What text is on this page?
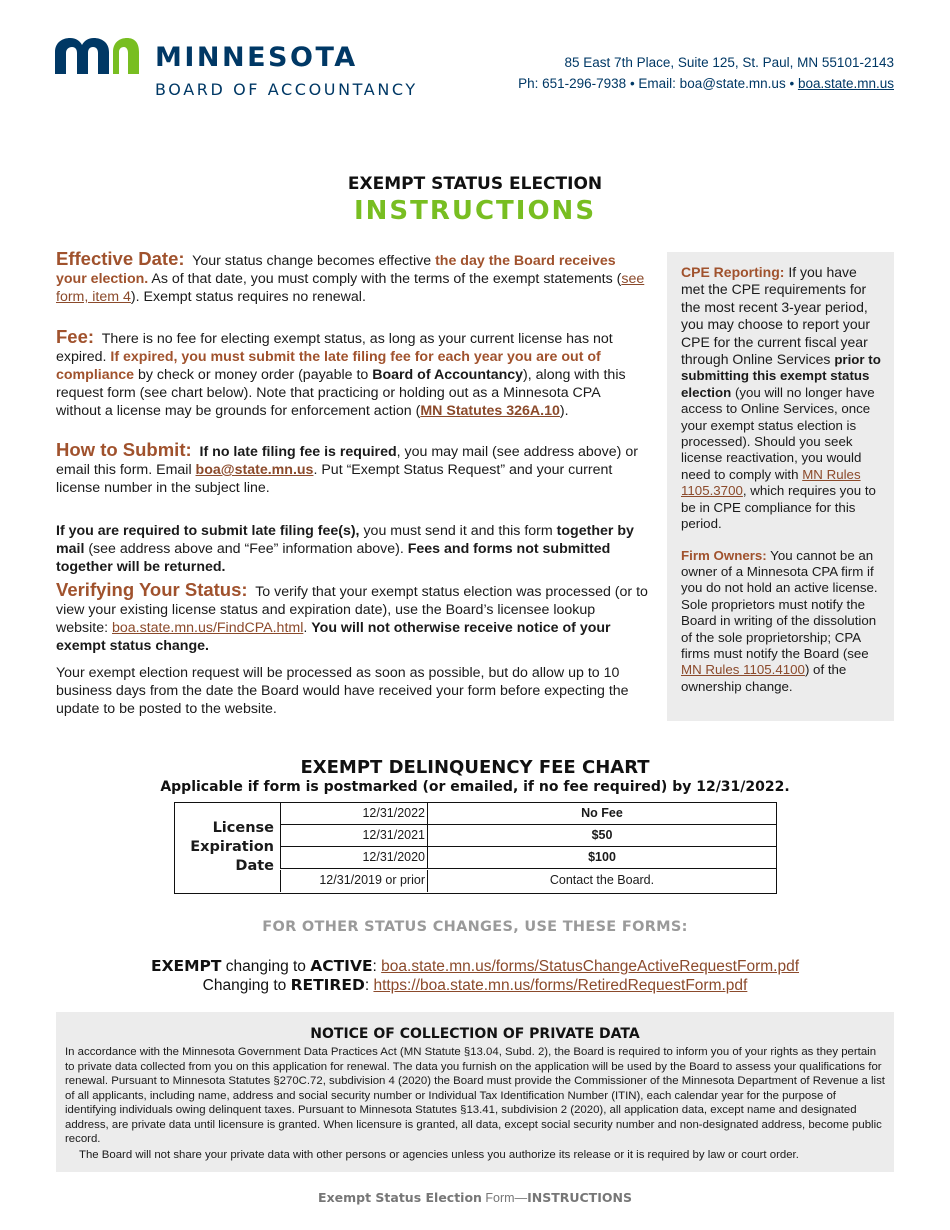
MINNESOTA
BOARD OF ACCOUNTANCY
85 East 7th Place, Suite 125, St. Paul, MN 55101-2143
Ph: 651-296-7938 • Email: boa@state.mn.us • boa.state.mn.us
EXEMPT STATUS ELECTION
INSTRUCTIONS
Effective Date: Your status change becomes effective the day the Board receives your election. As of that date, you must comply with the terms of the exempt statements (see form, item 4). Exempt status requires no renewal.
Fee: There is no fee for electing exempt status, as long as your current license has not expired. If expired, you must submit the late filing fee for each year you are out of compliance by check or money order (payable to Board of Accountancy), along with this request form (see chart below). Note that practicing or holding out as a Minnesota CPA without a license may be grounds for enforcement action (MN Statutes 326A.10).
How to Submit: If no late filing fee is required, you may mail (see address above) or email this form. Email boa@state.mn.us. Put “Exempt Status Request” and your current license number in the subject line.
If you are required to submit late filing fee(s), you must send it and this form together by mail (see address above and “Fee” information above). Fees and forms not submitted together will be returned.
Verifying Your Status: To verify that your exempt status election was processed (or to view your existing license status and expiration date), use the Board’s licensee lookup website: boa.state.mn.us/FindCPA.html. You will not otherwise receive notice of your exempt status change.
Your exempt election request will be processed as soon as possible, but do allow up to 10 business days from the date the Board would have received your form before expecting the update to be posted to the website.

CPE Reporting: If you have met the CPE requirements for the most recent 3-year period, you may choose to report your CPE for the current fiscal year through Online Services prior to submitting this exempt status election (you will no longer have access to Online Services, once your exempt status election is processed). Should you seek license reactivation, you would need to comply with MN Rules 1105.3700, which requires you to be in CPE compliance for this period.

Firm Owners: You cannot be an owner of a Minnesota CPA firm if you do not hold an active license. Sole proprietors must notify the Board in writing of the dissolution of the sole proprietorship; CPA firms must notify the Board (see MN Rules 1105.4100) of the ownership change.

EXEMPT DELINQUENCY FEE CHART
Applicable if form is postmarked (or emailed, if no fee required) by 12/31/2022.
License Expiration Date
12/31/2022	No Fee
12/31/2021	$50
12/31/2020	$100
12/31/2019 or prior	Contact the Board.
FOR OTHER STATUS CHANGES, USE THESE FORMS:
EXEMPT changing to ACTIVE: boa.state.mn.us/forms/StatusChangeActiveRequestForm.pdf
Changing to RETIRED: https://boa.state.mn.us/forms/RetiredRequestForm.pdf
NOTICE OF COLLECTION OF PRIVATE DATA
In accordance with the Minnesota Government Data Practices Act (MN Statute §13.04, Subd. 2), the Board is required to inform you of your rights as they pertain to private data collected from you on this application for renewal. The data you furnish on the application will be used by the Board to assess your qualifications for renewal. Pursuant to Minnesota Statutes §270C.72, subdivision 4 (2020) the Board must provide the Commissioner of the Minnesota Department of Revenue a list of all applicants, including name, address and social security number or Individual Tax Identification Number (ITIN), each calendar year for the purpose of identifying individuals owing delinquent taxes. Pursuant to Minnesota Statutes §13.41, subdivision 2 (2020), all application data, except name and designated address, are private data until licensure is granted. When licensure is granted, all data, except social security number and non-designated address, become public record.
The Board will not share your private data with other persons or agencies unless you authorize its release or it is required by law or court order.
Exempt Status Election Form—INSTRUCTIONS
